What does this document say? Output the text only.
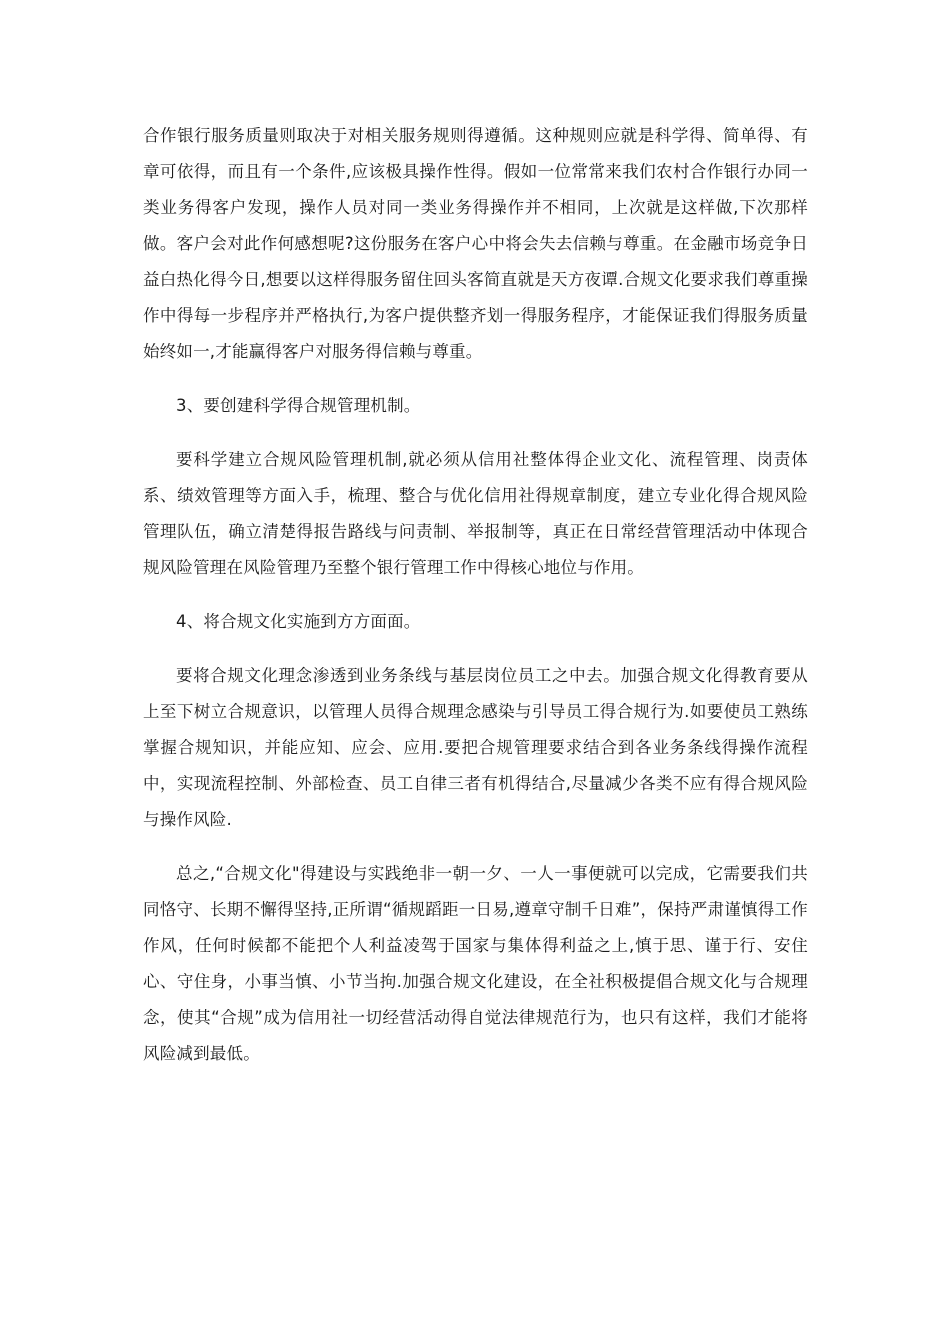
合作银行服务质量则取决于对相关服务规则得遵循。这种规则应就是科学得、简单得、有章可依得，而且有一个条件,应该极具操作性得。假如一位常常来我们农村合作银行办同一类业务得客户发现，操作人员对同一类业务得操作并不相同，上次就是这样做,下次那样做。客户会对此作何感想呢?这份服务在客户心中将会失去信赖与尊重。在金融市场竞争日益白热化得今日,想要以这样得服务留住回头客简直就是天方夜谭.合规文化要求我们尊重操作中得每一步程序并严格执行,为客户提供整齐划一得服务程序，才能保证我们得服务质量始终如一,才能赢得客户对服务得信赖与尊重。

3、要创建科学得合规管理机制。

要科学建立合规风险管理机制,就必须从信用社整体得企业文化、流程管理、岗责体系、绩效管理等方面入手，梳理、整合与优化信用社得规章制度，建立专业化得合规风险管理队伍，确立清楚得报告路线与问责制、举报制等，真正在日常经营管理活动中体现合规风险管理在风险管理乃至整个银行管理工作中得核心地位与作用。

4、将合规文化实施到方方面面。

要将合规文化理念渗透到业务条线与基层岗位员工之中去。加强合规文化得教育要从上至下树立合规意识，以管理人员得合规理念感染与引导员工得合规行为.如要使员工熟练掌握合规知识，并能应知、应会、应用.要把合规管理要求结合到各业务条线得操作流程中，实现流程控制、外部检查、员工自律三者有机得结合,尽量减少各类不应有得合规风险与操作风险.

总之,“合规文化"得建设与实践绝非一朝一夕、一人一事便就可以完成，它需要我们共同恪守、长期不懈得坚持,正所谓“循规蹈距一日易,遵章守制千日难”，保持严肃谨慎得工作作风，任何时候都不能把个人利益凌驾于国家与集体得利益之上,慎于思、谨于行、安住心、守住身，小事当慎、小节当拘.加强合规文化建设，在全社积极提倡合规文化与合规理念，使其“合规”成为信用社一切经营活动得自觉法律规范行为，也只有这样，我们才能将风险减到最低。
